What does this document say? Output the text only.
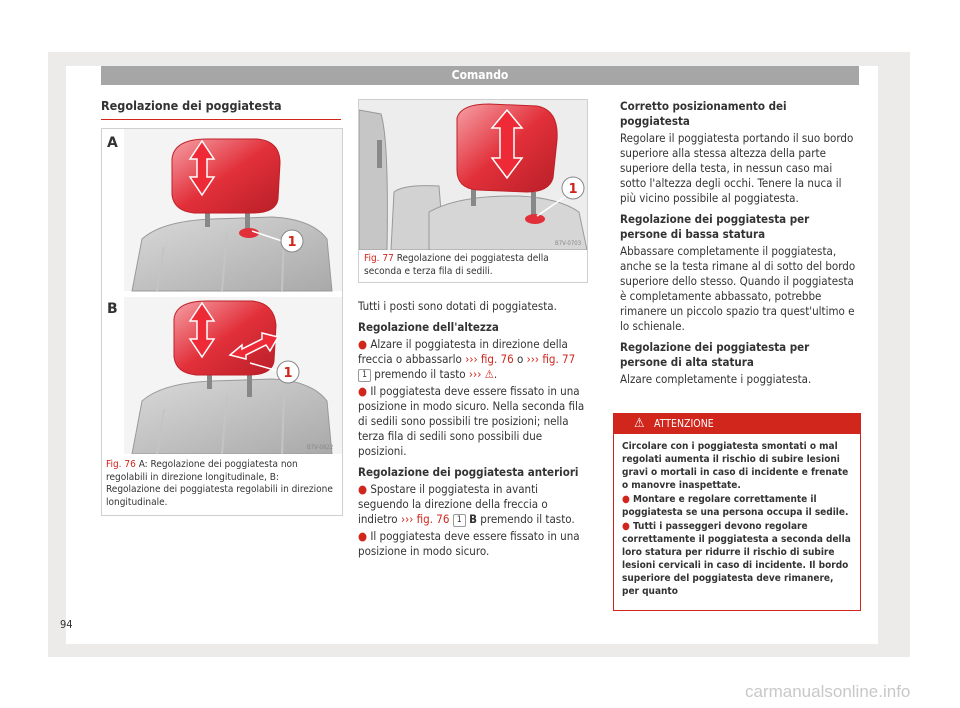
Comando
Regolazione dei poggiatesta
1
1
A
B
B7V-0822
Fig. 76 A: Regolazione dei poggiatesta non regolabili in direzione longitudinale, B: Regolazione dei poggiatesta regolabili in direzione longitudinale.
1
B7V-0703
Fig. 77 Regolazione dei poggiatesta della seconda e terza fila di sedili.

Tutti i posti sono dotati di poggiatesta.

Regolazione dell'altezza

● Alzare il poggiatesta in direzione della freccia o abbassarlo ››› fig. 76 o ››› fig. 77 1 premendo il tasto ››› ⚠.

● Il poggiatesta deve essere fissato in una posizione in modo sicuro. Nella seconda fila di sedili sono possibili tre posizioni; nella terza fila di sedili sono possibili due posizioni.

Regolazione dei poggiatesta anteriori

● Spostare il poggiatesta in avanti seguendo la direzione della freccia o indietro ››› fig. 76 1 B premendo il tasto.

● Il poggiatesta deve essere fissato in una posizione in modo sicuro.

Corretto posizionamento dei poggiatesta

Regolare il poggiatesta portando il suo bordo superiore alla stessa altezza della parte superiore della testa, in nessun caso mai sotto l'altezza degli occhi. Tenere la nuca il più vicino possibile al poggiatesta.

Regolazione dei poggiatesta per persone di bassa statura

Abbassare completamente il poggiatesta, anche se la testa rimane al di sotto del bordo superiore dello stesso. Quando il poggiatesta è completamente abbassato, potrebbe rimanere un piccolo spazio tra quest'ultimo e lo schienale.

Regolazione dei poggiatesta per persone di alta statura

Alzare completamente i poggiatesta.

⚠ ATTENZIONE

Circolare con i poggiatesta smontati o mal regolati aumenta il rischio di subire lesioni gravi o mortali in caso di incidente e frenate o manovre inaspettate.

● Montare e regolare correttamente il poggiatesta se una persona occupa il sedile.

● Tutti i passeggeri devono regolare correttamente il poggiatesta a seconda della loro statura per ridurre il rischio di subire lesioni cervicali in caso di incidente. Il bordo superiore del poggiatesta deve rimanere, per quanto

94
carmanualsonline.info
